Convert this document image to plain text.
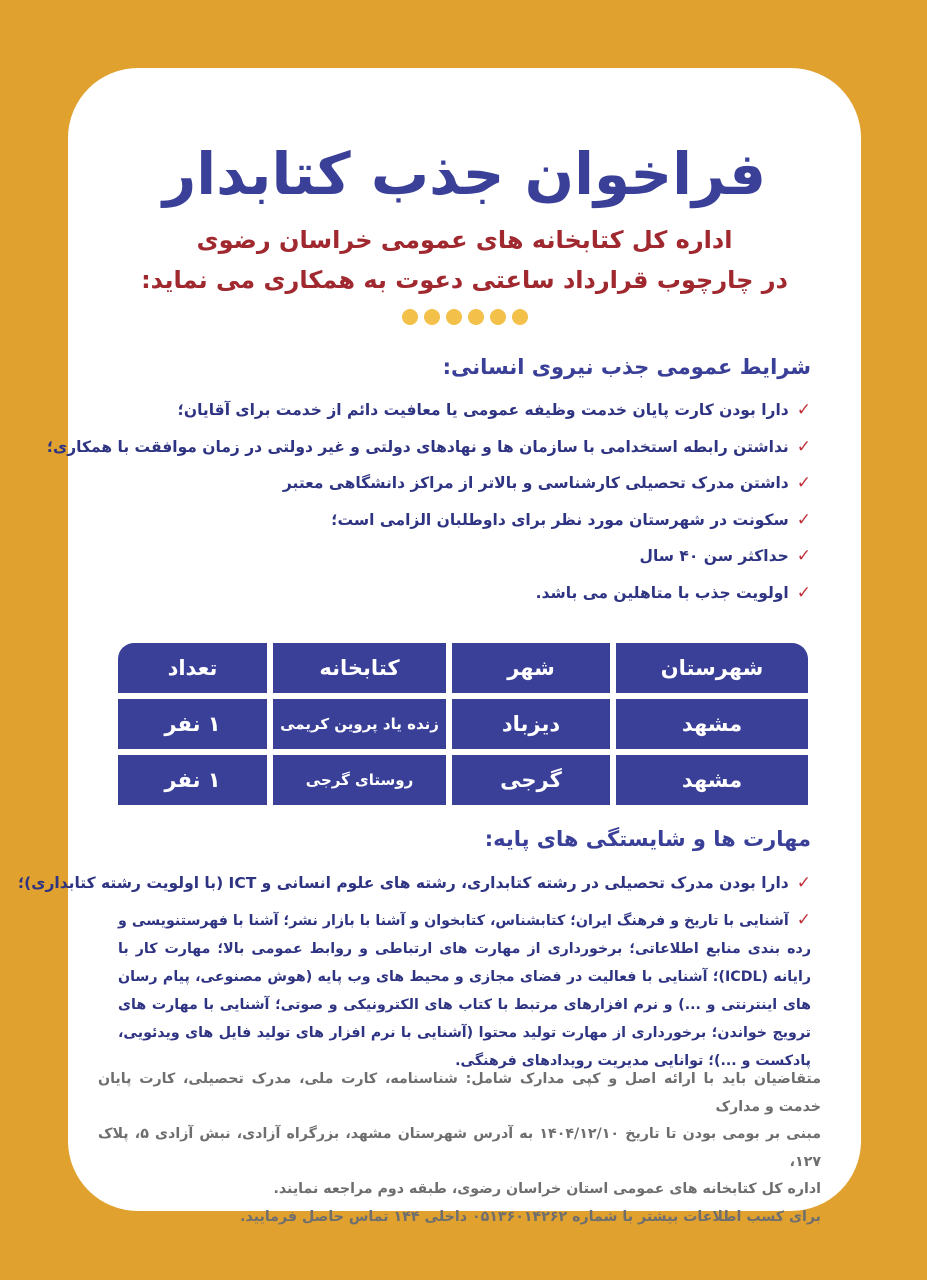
فراخوان جذب کتابدار
اداره کل کتابخانه های عمومی خراسان رضوی
در چارچوب قرارداد ساعتی دعوت به همکاری می نماید:
شرایط عمومی جذب نیروی انسانی:
✓
دارا بودن کارت پایان خدمت وظیفه عمومی یا معافیت دائم از خدمت برای آقایان؛
✓
نداشتن رابطه استخدامی با سازمان ها و نهادهای دولتی و غیر دولتی در زمان موافقت با همکاری؛
✓
داشتن مدرک تحصیلی کارشناسی و بالاتر از مراکز دانشگاهی معتبر
✓
سکونت در شهرستان مورد نظر برای داوطلبان الزامی است؛
✓
حداکثر سن ۴۰ سال
✓
اولویت جذب با متاهلین می باشد.
شهرستان
شهر
کتابخانه
تعداد
مشهد
دیزباد
زنده یاد پروین کریمی
۱ نفر
مشهد
گرجی
روستای گرجی
۱ نفر
مهارت ها و شایستگی های پایه:
✓دارا بودن مدرک تحصیلی در رشته کتابداری، رشته های علوم انسانی و ICT (با اولویت رشته کتابداری)؛
✓آشنایی با تاریخ و فرهنگ ایران؛ کتابشناس، کتابخوان و آشنا با بازار نشر؛ آشنا با فهرستنویسی و رده بندی منابع اطلاعاتی؛ برخورداری از مهارت های ارتباطی و روابط عمومی بالا؛ مهارت کار با رایانه (ICDL)؛ آشنایی با فعالیت در فضای مجازی و محیط های وب پایه (هوش مصنوعی، پیام رسان های اینترنتی و ...) و نرم افزارهای مرتبط با کتاب های الکترونیکی و صوتی؛ آشنایی با مهارت های ترویج خواندن؛ برخورداری از مهارت تولید محتوا (آشنایی با نرم افزار های تولید فایل های ویدئویی، پادکست و ...)؛ توانایی مدیریت رویدادهای فرهنگی.
متقاضیان باید با ارائه اصل و کپی مدارک شامل: شناسنامه، کارت ملی، مدرک تحصیلی، کارت پایان خدمت و مدارک
مبنی بر بومی بودن تا تاریخ ۱۴۰۴/۱۲/۱۰ به آدرس شهرستان مشهد، بزرگراه آزادی، نبش آزادی ۵، پلاک ۱۲۷،
اداره کل کتابخانه های عمومی استان خراسان رضوی، طبقه دوم مراجعه نمایند.
برای کسب اطلاعات بیشتر با شماره ۰۵۱۳۶۰۱۴۲۶۲ داخلی ۱۴۴ تماس حاصل فرمایید.
